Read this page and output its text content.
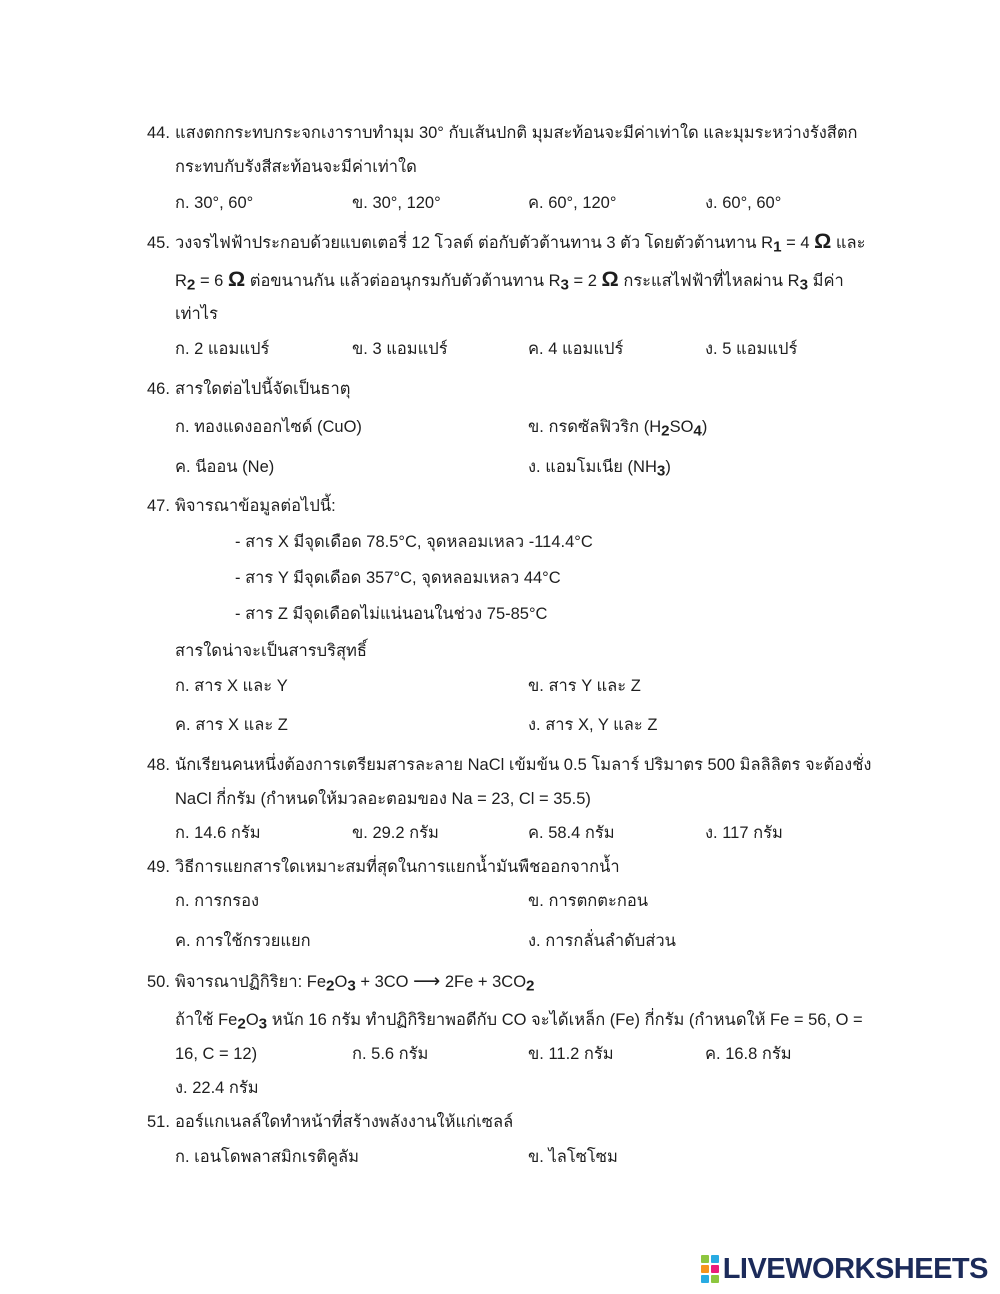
44. แสงตกกระทบกระจกเงาราบทำมุม 30° กับเส้นปกติ มุมสะท้อนจะมีค่าเท่าใด และมุมระหว่างรังสีตก
กระทบกับรังสีสะท้อนจะมีค่าเท่าใด
ก. 30°, 60°	ข. 30°, 120°	ค. 60°, 120°	ง. 60°, 60°
45. วงจรไฟฟ้าประกอบด้วยแบตเตอรี่ 12 โวลต์ ต่อกับตัวต้านทาน 3 ตัว โดยตัวต้านทาน R1 = 4 Ω และ
R2 = 6 Ω ต่อขนานกัน แล้วต่ออนุกรมกับตัวต้านทาน R3 = 2 Ω กระแสไฟฟ้าที่ไหลผ่าน R3 มีค่า
เท่าไร
ก. 2 แอมแปร์	ข. 3 แอมแปร์	ค. 4 แอมแปร์	ง. 5 แอมแปร์
46. สารใดต่อไปนี้จัดเป็นธาตุ
ก. ทองแดงออกไซด์ (CuO)	ข. กรดซัลฟิวริก (H2SO4)
ค. นีออน (Ne)	ง. แอมโมเนีย (NH3)
47. พิจารณาข้อมูลต่อไปนี้:
- สาร X มีจุดเดือด 78.5°C, จุดหลอมเหลว -114.4°C
- สาร Y มีจุดเดือด 357°C, จุดหลอมเหลว 44°C
- สาร Z มีจุดเดือดไม่แน่นอนในช่วง 75-85°C
สารใดน่าจะเป็นสารบริสุทธิ์
ก. สาร X และ Y	ข. สาร Y และ Z
ค. สาร X และ Z	ง. สาร X, Y และ Z
48. นักเรียนคนหนึ่งต้องการเตรียมสารละลาย NaCl เข้มข้น 0.5 โมลาร์ ปริมาตร 500 มิลลิลิตร จะต้องชั่ง
NaCl กี่กรัม (กำหนดให้มวลอะตอมของ Na = 23, Cl = 35.5)
ก. 14.6 กรัม	ข. 29.2 กรัม	ค. 58.4 กรัม	ง. 117 กรัม
49. วิธีการแยกสารใดเหมาะสมที่สุดในการแยกน้ำมันพืชออกจากน้ำ
ก. การกรอง	ข. การตกตะกอน
ค. การใช้กรวยแยก	ง. การกลั่นลำดับส่วน
50. พิจารณาปฏิกิริยา: Fe2O3 + 3CO ⟶ 2Fe + 3CO2
ถ้าใช้ Fe2O3 หนัก 16 กรัม ทำปฏิกิริยาพอดีกับ CO จะได้เหล็ก (Fe) กี่กรัม (กำหนดให้ Fe = 56, O =
16, C = 12)	ก. 5.6 กรัม	ข. 11.2 กรัม	ค. 16.8 กรัม
ง. 22.4 กรัม
51. ออร์แกเนลล์ใดทำหน้าที่สร้างพลังงานให้แก่เซลล์
ก. เอนโดพลาสมิกเรติคูลัม	ข. ไลโซโซม
LIVEWORKSHEETS
